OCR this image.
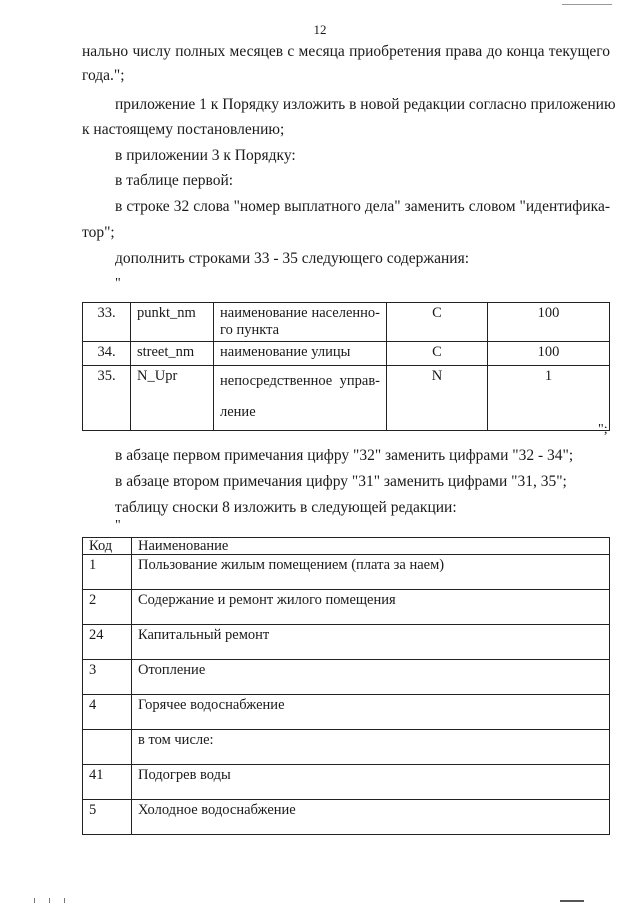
12
нально числу полных месяцев с месяца приобретения права до конца текущего
года.";
приложение 1 к Порядку изложить в новой редакции согласно приложению
к настоящему постановлению;
в приложении 3 к Порядку:
в таблице первой:
в строке 32 слова "номер выплатного дела" заменить словом "идентифика-
тор";
дополнить строками 33 - 35 следующего содержания:
"
33.	punkt_nm	наименование населенно-
го пункта	C	100
34.	street_nm	наименование улицы	C	100
35.	N_Upr	непосредственное управ-
ление	N	1
";
в абзаце первом примечания цифру "32" заменить цифрами "32 - 34";
в абзаце втором примечания цифру "31" заменить цифрами "31, 35";
таблицу сноски 8 изложить в следующей редакции:
"
Код	Наименование
1	Пользование жилым помещением (плата за наем)
2	Содержание и ремонт жилого помещения
24	Капитальный ремонт
3	Отопление
4	Горячее водоснабжение
	в том числе:
41	Подогрев воды
5	Холодное водоснабжение
